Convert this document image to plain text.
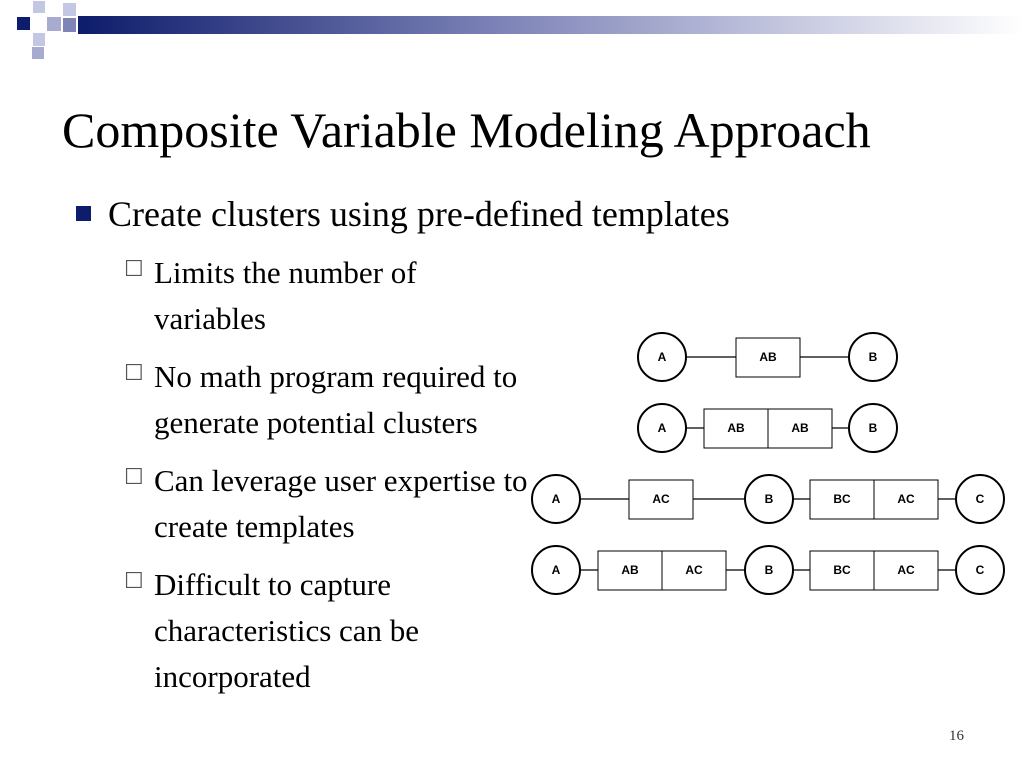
Composite Variable Modeling Approach
Create clusters using pre-defined templates
☐ Limits the number of
variables
☐ No math program required to
generate potential clusters
☐ Can leverage user expertise to
create templates
☐ Difficult to capture
characteristics can be
incorporated
A	AB	B
A	AB	AB	B
A	AC	B	BC	AC	C
A	AB	AC	B	BC	AC	C
16
